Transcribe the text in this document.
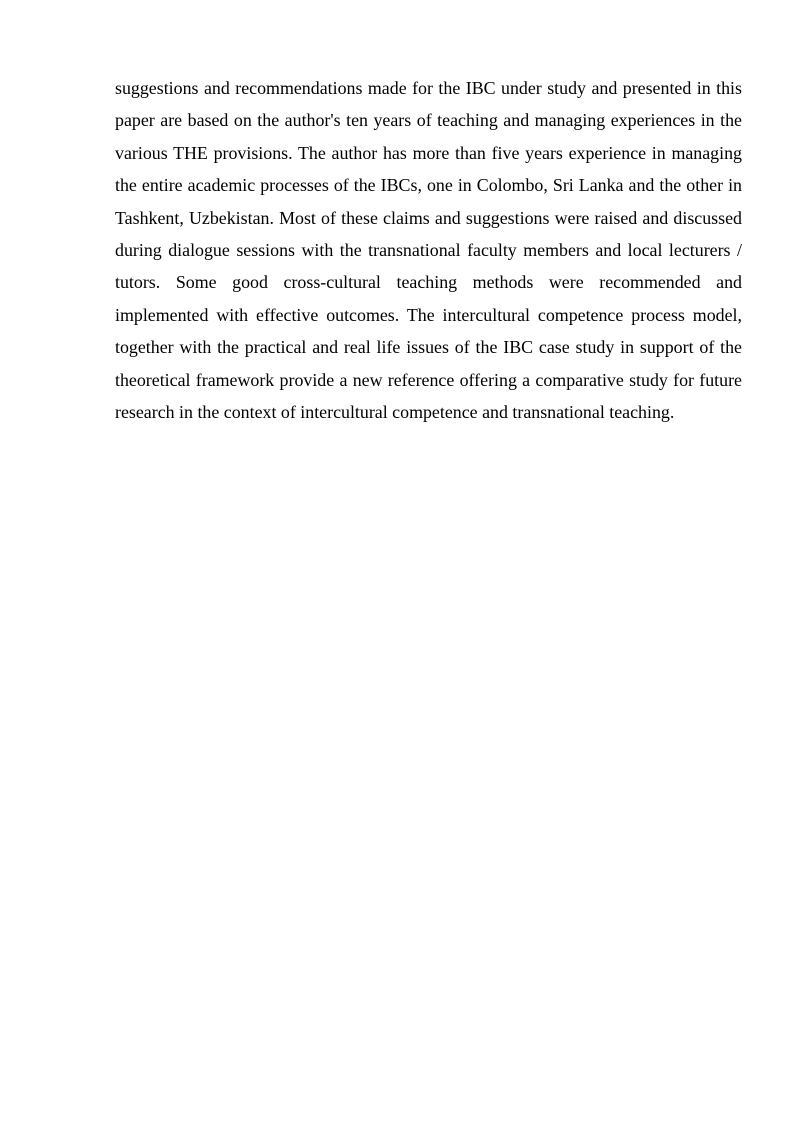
suggestions and recommendations made for the IBC under study and presented in this paper are based on the author's ten years of teaching and managing experiences in the various THE provisions. The author has more than five years experience in managing the entire academic processes of the IBCs, one in Colombo, Sri Lanka and the other in Tashkent, Uzbekistan. Most of these claims and suggestions were raised and discussed during dialogue sessions with the transnational faculty members and local lecturers / tutors. Some good cross-cultural teaching methods were recommended and implemented with effective outcomes. The intercultural competence process model, together with the practical and real life issues of the IBC case study in support of the theoretical framework provide a new reference offering a comparative study for future research in the context of intercultural competence and transnational teaching.
